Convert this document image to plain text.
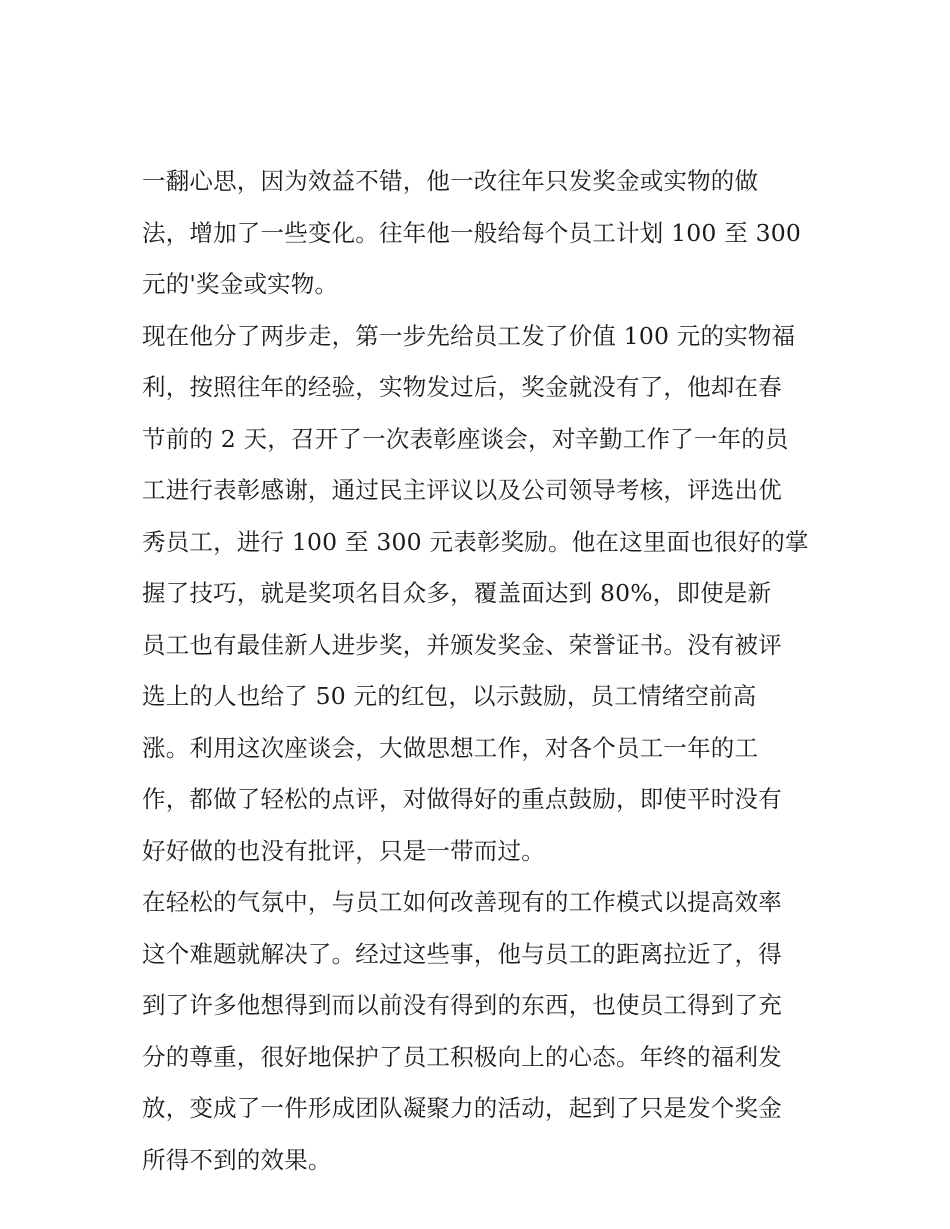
一翻心思，因为效益不错，他一改往年只发奖金或实物的做
法，增加了一些变化。往年他一般给每个员工计划 100 至 300
元的'奖金或实物。
现在他分了两步走，第一步先给员工发了价值 100 元的实物福
利，按照往年的经验，实物发过后，奖金就没有了，他却在春
节前的 2 天，召开了一次表彰座谈会，对辛勤工作了一年的员
工进行表彰感谢，通过民主评议以及公司领导考核，评选出优
秀员工，进行 100 至 300 元表彰奖励。他在这里面也很好的掌
握了技巧，就是奖项名目众多，覆盖面达到 80%，即使是新
员工也有最佳新人进步奖，并颁发奖金、荣誉证书。没有被评
选上的人也给了 50 元的红包，以示鼓励，员工情绪空前高
涨。利用这次座谈会，大做思想工作，对各个员工一年的工
作，都做了轻松的点评，对做得好的重点鼓励，即使平时没有
好好做的也没有批评，只是一带而过。
在轻松的气氛中，与员工如何改善现有的工作模式以提高效率
这个难题就解决了。经过这些事，他与员工的距离拉近了，得
到了许多他想得到而以前没有得到的东西，也使员工得到了充
分的尊重，很好地保护了员工积极向上的心态。年终的福利发
放，变成了一件形成团队凝聚力的活动，起到了只是发个奖金
所得不到的效果。
